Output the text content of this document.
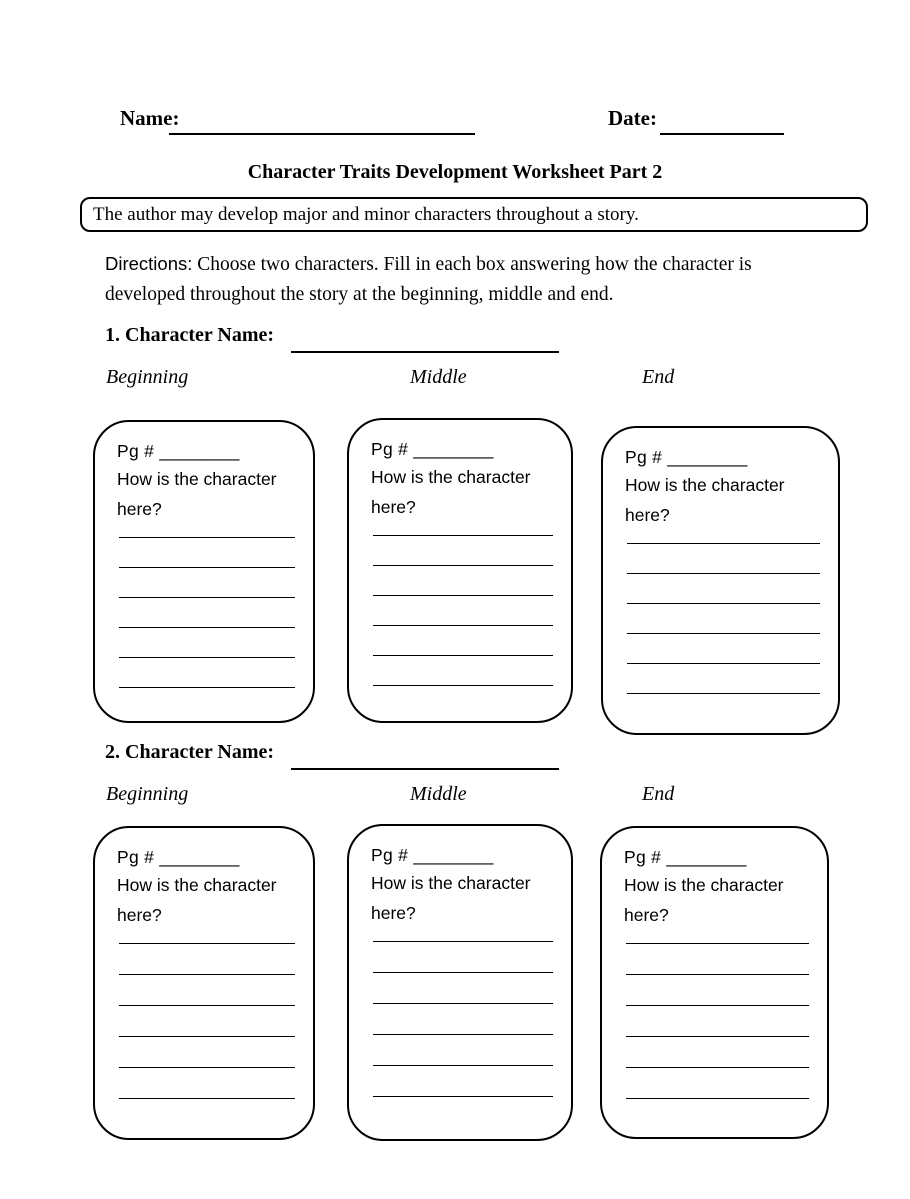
Name:	Date:
Character Traits Development Worksheet Part 2
The author may develop major and minor characters throughout a story.

Directions: Choose two characters. Fill in each box answering how the character is developed throughout the story at the beginning, middle and end.

1. Character Name:
Beginning	Middle	End
Pg # ________
How is the character here?
Pg # ________
How is the character here?
Pg # ________
How is the character here?
2. Character Name:
Beginning	Middle	End
Pg # ________
How is the character here?
Pg # ________
How is the character here?
Pg # ________
How is the character here?
